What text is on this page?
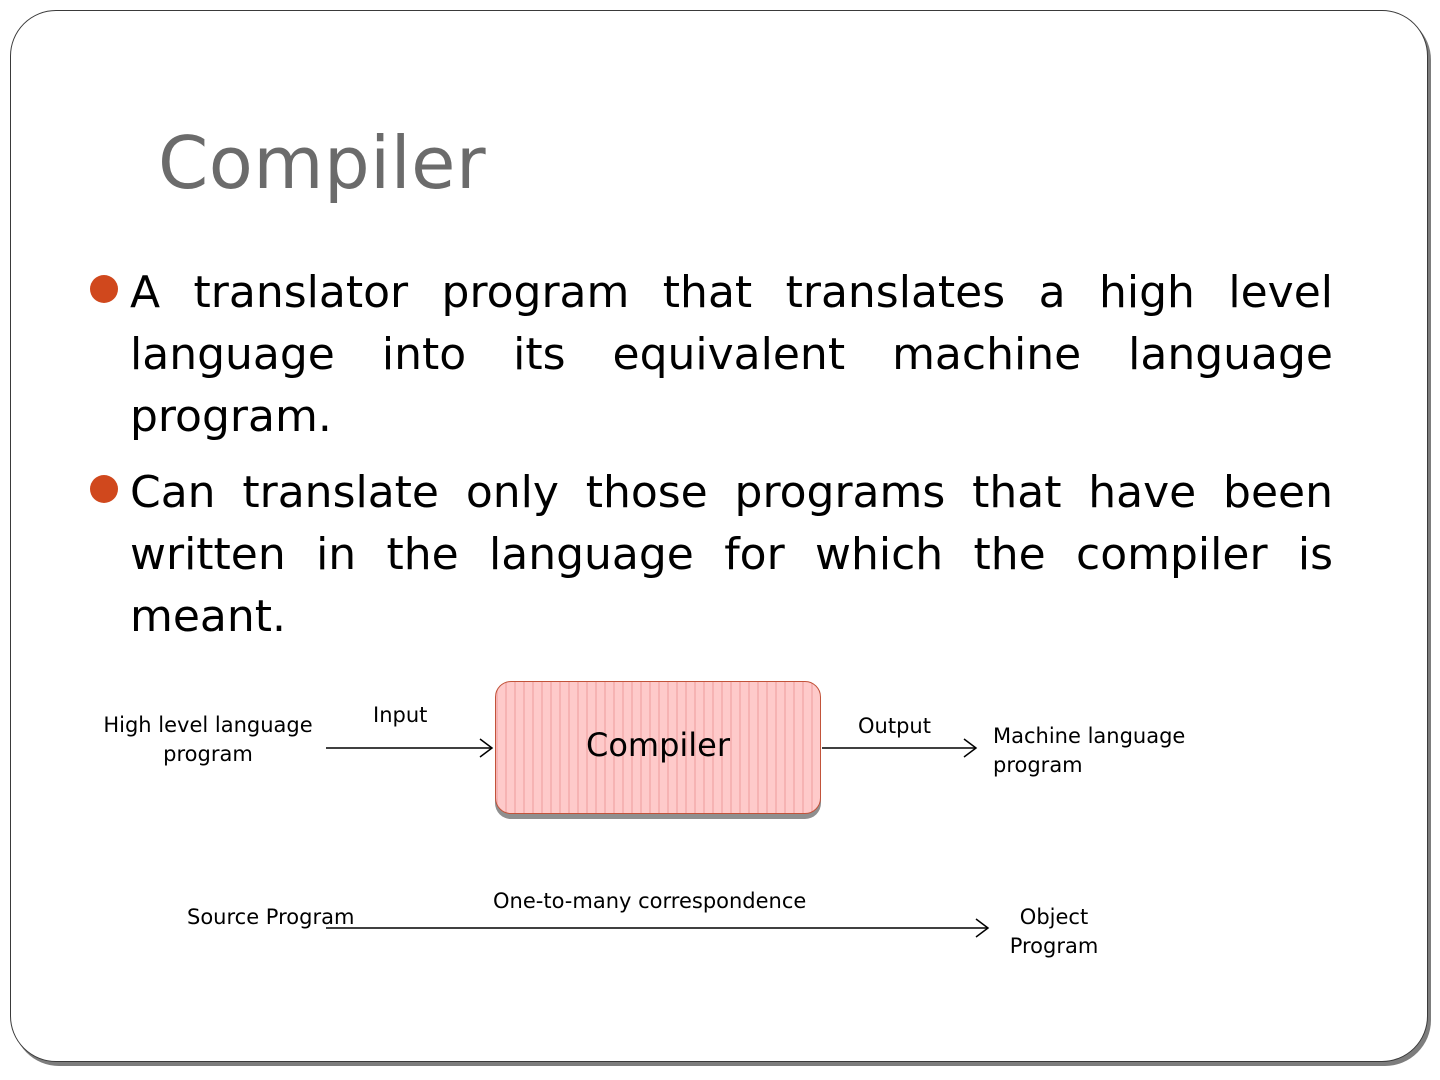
Compiler
A translator program that translates a high level language into its equivalent machine language program.
Can translate only those programs that have been written in the language for which the compiler is meant.
High level language
program
Input
Compiler	Output	Machine language
program
Source Program
One-to-many correspondence
Object
Program
